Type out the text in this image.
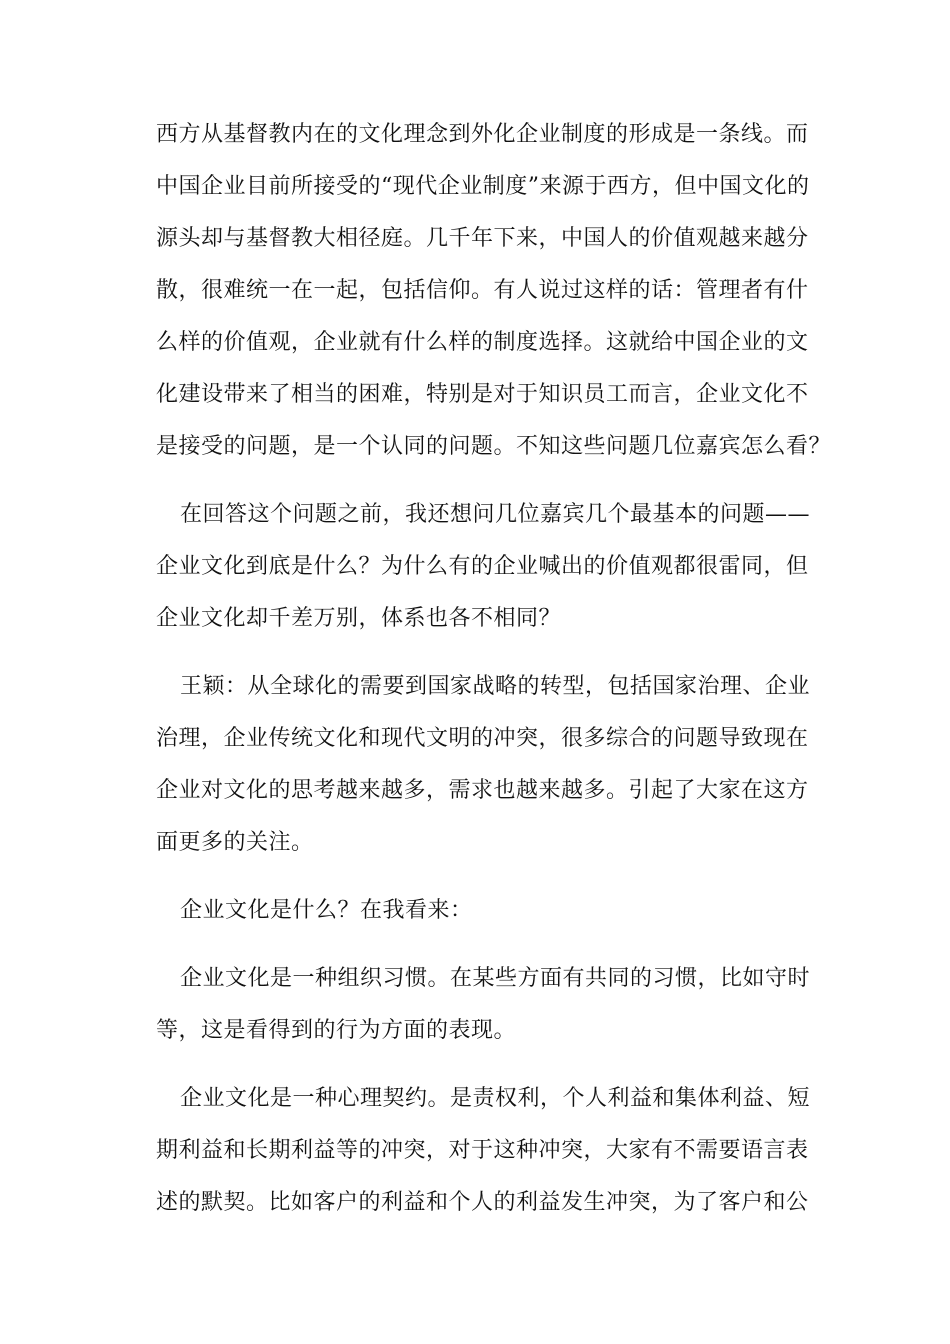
西方从基督教内在的文化理念到外化企业制度的形成是一条线。而
中国企业目前所接受的“现代企业制度”来源于西方，但中国文化的
源头却与基督教大相径庭。几千年下来，中国人的价值观越来越分
散，很难统一在一起，包括信仰。有人说过这样的话：管理者有什
么样的价值观，企业就有什么样的制度选择。这就给中国企业的文
化建设带来了相当的困难，特别是对于知识员工而言，企业文化不
是接受的问题，是一个认同的问题。不知这些问题几位嘉宾怎么看？
在回答这个问题之前，我还想问几位嘉宾几个最基本的问题——
企业文化到底是什么？为什么有的企业喊出的价值观都很雷同，但
企业文化却千差万别，体系也各不相同？
王颖：从全球化的需要到国家战略的转型，包括国家治理、企业
治理，企业传统文化和现代文明的冲突，很多综合的问题导致现在
企业对文化的思考越来越多，需求也越来越多。引起了大家在这方
面更多的关注。
企业文化是什么？在我看来：
企业文化是一种组织习惯。在某些方面有共同的习惯，比如守时
等，这是看得到的行为方面的表现。
企业文化是一种心理契约。是责权利，个人利益和集体利益、短
期利益和长期利益等的冲突，对于这种冲突，大家有不需要语言表
述的默契。比如客户的利益和个人的利益发生冲突，为了客户和公
